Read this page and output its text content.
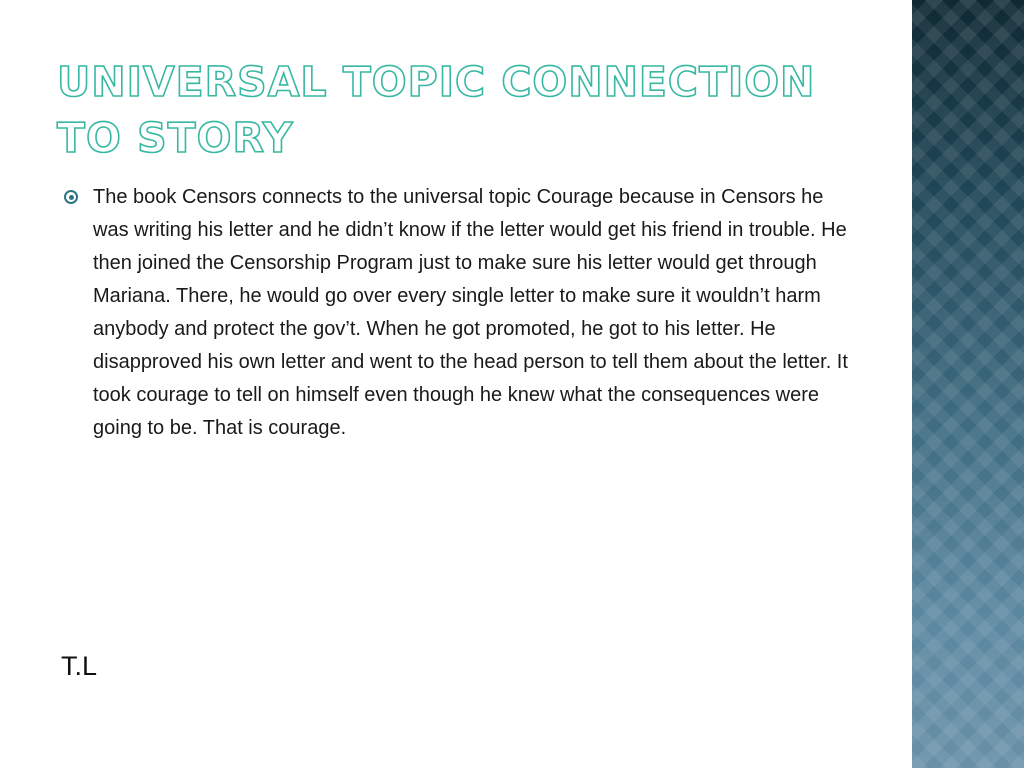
UNIVERSAL TOPIC CONNECTION TO STORY
The book Censors connects to the universal topic Courage because in Censors he was writing his letter and he didn’t know if the letter would get his friend in trouble. He then joined the Censorship Program just to make sure his letter would get through Mariana. There, he would go over every single letter to make sure it wouldn’t harm anybody and protect the gov’t. When he got promoted, he got to his letter. He disapproved his own letter and went to the head person to tell them about the letter. It took courage to tell on himself even though he knew what the consequences were going to be. That is courage.
T.L
